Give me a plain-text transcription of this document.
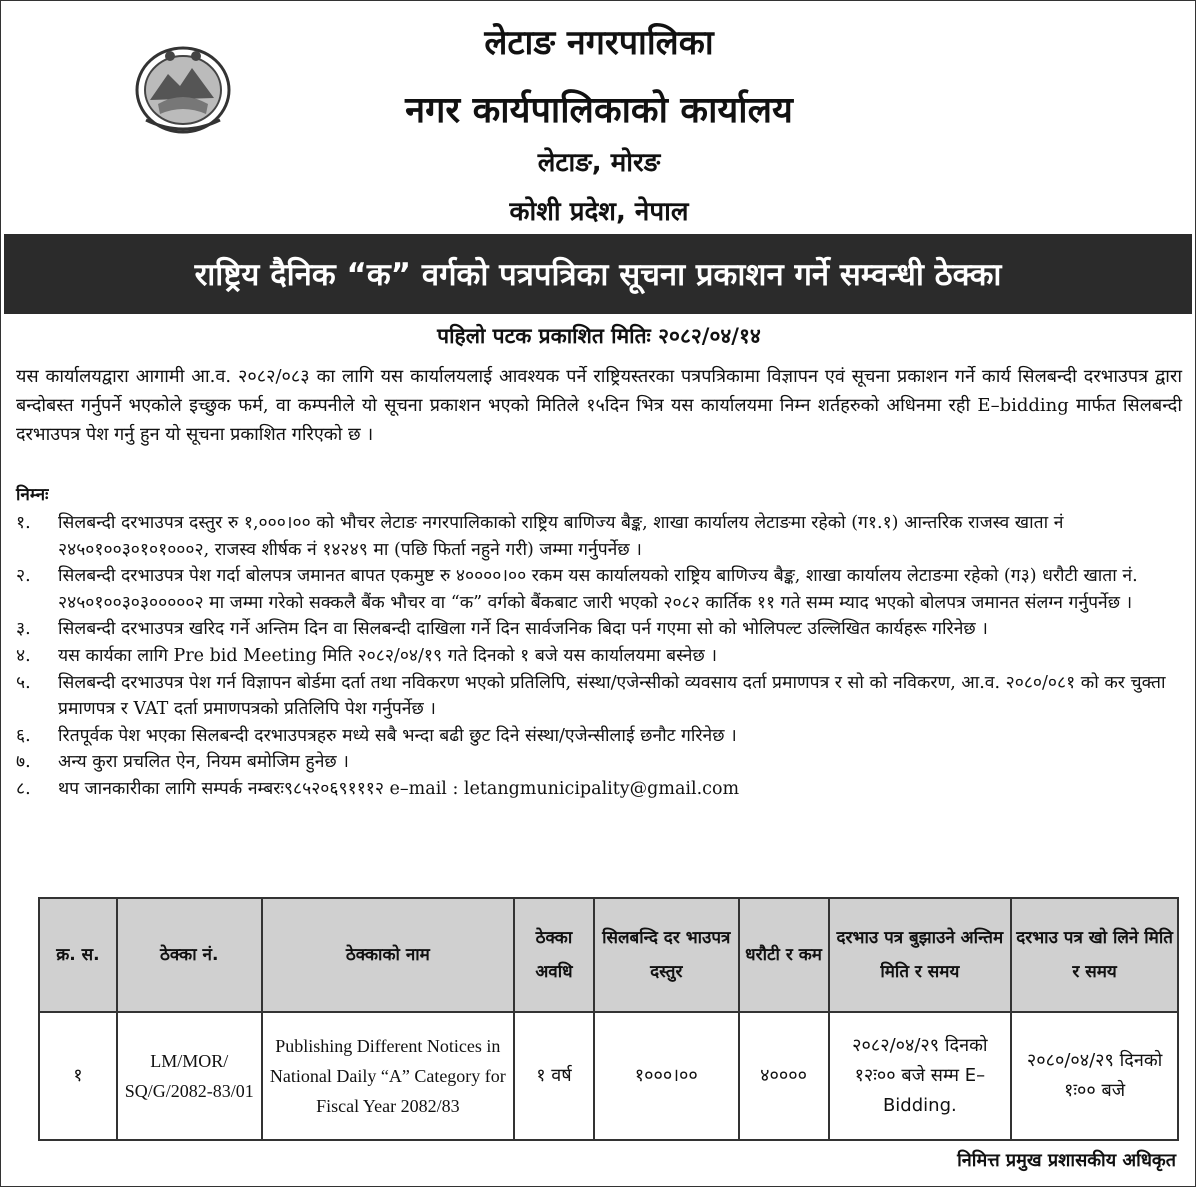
लेटाङ नगरपालिका
नगर कार्यपालिकाको कार्यालय
लेटाङ, मोरङ
कोशी प्रदेश, नेपाल
राष्ट्रिय दैनिक “क” वर्गको पत्रपत्रिका सूचना प्रकाशन गर्ने सम्वन्धी ठेक्का
पहिलो पटक प्रकाशित मितिः २०८२/०४/१४
यस कार्यालयद्वारा आगामी आ.व. २०८२/०८३ का लागि यस कार्यालयलाई आवश्यक पर्ने राष्ट्रियस्तरका पत्रपत्रिकामा विज्ञापन एवं सूचना प्रकाशन गर्ने कार्य सिलबन्दी दरभाउपत्र द्वारा बन्दोबस्त गर्नुपर्ने भएकोले इच्छुक फर्म, वा कम्पनीले यो सूचना प्रकाशन भएको मितिले १५दिन भित्र यस कार्यालयमा निम्न शर्तहरुको अधिनमा रही E–bidding मार्फत सिलबन्दी दरभाउपत्र पेश गर्नु हुन यो सूचना प्रकाशित गरिएको छ ।
निम्नः
१.	सिलबन्दी दरभाउपत्र दस्तुर रु १,०००।०० को भौचर लेटाङ नगरपालिकाको राष्ट्रिय बाणिज्य बैङ्क, शाखा कार्यालय लेटाङमा रहेको (ग१.१) आन्तरिक राजस्व खाता नं २४५०१००३०१०१०००२, राजस्व शीर्षक नं १४२४९ मा (पछि फिर्ता नहुने गरी) जम्मा गर्नुपर्नेछ ।
२.	सिलबन्दी दरभाउपत्र पेश गर्दा बोलपत्र जमानत बापत एकमुष्ट रु ४००००।०० रकम यस कार्यालयको राष्ट्रिय बाणिज्य बैङ्क, शाखा कार्यालय लेटाङमा रहेको (ग३) धरौटी खाता नं. २४५०१००३०३०००००२ मा जम्मा गरेको सक्कलै बैंक भौचर वा “क” वर्गको बैंकबाट जारी भएको २०८२ कार्तिक ११ गते सम्म म्याद भएको बोलपत्र जमानत संलग्न गर्नुपर्नेछ ।
३.	सिलबन्दी दरभाउपत्र खरिद गर्ने अन्तिम दिन वा सिलबन्दी दाखिला गर्ने दिन सार्वजनिक बिदा पर्न गएमा सो को भोलिपल्ट उल्लिखित कार्यहरू गरिनेछ ।
४.	यस कार्यका लागि Pre bid Meeting मिति २०८२/०४/१९ गते दिनको १ बजे यस कार्यालयमा बस्नेछ ।
५.	सिलबन्दी दरभाउपत्र पेश गर्न विज्ञापन बोर्डमा दर्ता तथा नविकरण भएको प्रतिलिपि, संस्था/एजेन्सीको व्यवसाय दर्ता प्रमाणपत्र र सो को नविकरण, आ.व. २०८०/०८१ को कर चुक्ता प्रमाणपत्र र VAT दर्ता प्रमाणपत्रको प्रतिलिपि पेश गर्नुपर्नेछ ।
६.	रितपूर्वक पेश भएका सिलबन्दी दरभाउपत्रहरु मध्ये सबै भन्दा बढी छुट दिने संस्था/एजेन्सीलाई छनौट गरिनेछ ।
७.	अन्य कुरा प्रचलित ऐन, नियम बमोजिम हुनेछ ।
८.	थप जानकारीका लागि सम्पर्क नम्बरः९८५२०६९१११२ e–mail : letangmunicipality@gmail.com
क्र. स.	ठेक्का नं.	ठेक्काको नाम	ठेक्का अवधि	सिलबन्दि दर भाउपत्र दस्तुर	धरौटी र कम	दरभाउ पत्र बुझाउने अन्तिम मिति र समय	दरभाउ पत्र खो लिने मिति र समय
१	LM/MOR/ SQ/G/2082-83/01	Publishing Different Notices in National Daily “A” Category for Fiscal Year 2082/83	१ वर्ष	१०००।००	४००००	२०८२/०४/२९ दिनको १२ः०० बजे सम्म E–Bidding.	२०८०/०४/२९ दिनको १ः०० बजे
निमित्त प्रमुख प्रशासकीय अधिकृत
